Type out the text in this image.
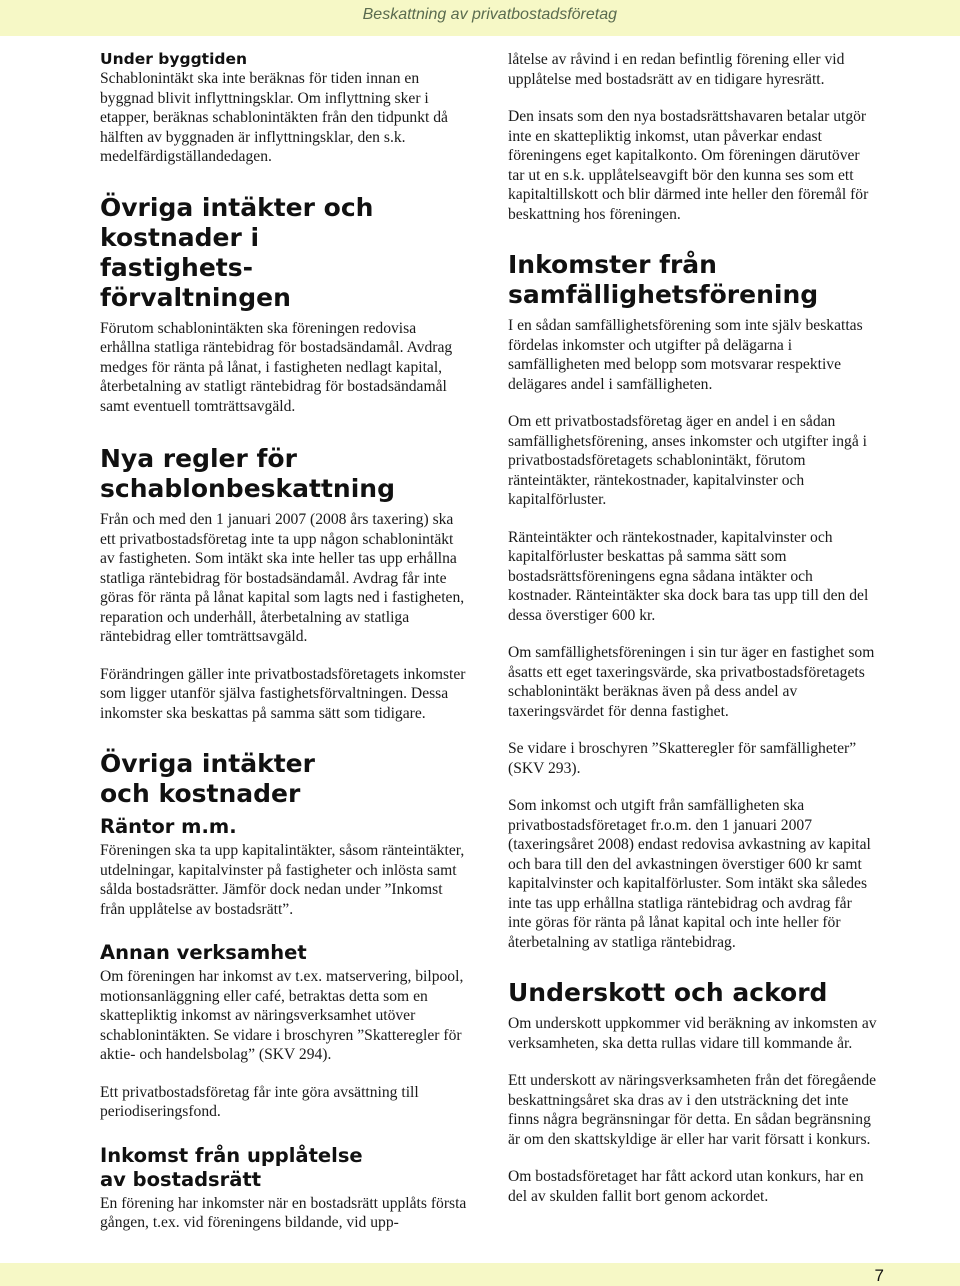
Beskattning av privatbostadsföretag
Under byggtiden

Schablonintäkt ska inte beräknas för tiden innan en byggnad blivit inflyttningsklar. Om inflyttning sker i etapper, beräknas schablonintäkten från den tidpunkt då hälften av byggnaden är inflyttningsklar, den s.k. medelfärdigställandedagen.

Övriga intäkter och kostnader i fastighets-förvaltningen

Förutom schablonintäkten ska föreningen redovisa erhållna statliga räntebidrag för bostadsändamål. Avdrag medges för ränta på lånat, i fastigheten nedlagt kapital, återbetalning av statligt räntebidrag för bostadsändamål samt eventuell tomträttsavgäld.

Nya regler för schablonbeskattning

Från och med den 1 januari 2007 (2008 års taxering) ska ett privatbostadsföretag inte ta upp någon schablonintäkt av fastigheten. Som intäkt ska inte heller tas upp erhållna statliga räntebidrag för bostadsändamål. Avdrag får inte göras för ränta på lånat kapital som lagts ned i fastigheten, reparation och underhåll, återbetalning av statliga räntebidrag eller tomträttsavgäld.

Förändringen gäller inte privatbostadsföretagets inkomster som ligger utanför själva fastighetsförvaltningen. Dessa inkomster ska beskattas på samma sätt som tidigare.

Övriga intäkter och kostnader
Räntor m.m.

Föreningen ska ta upp kapitalintäkter, såsom ränteintäkter, utdelningar, kapitalvinster på fastigheter och inlösta samt sålda bostadsrätter. Jämför dock nedan under ”Inkomst från upplåtelse av bostadsrätt”.

Annan verksamhet

Om föreningen har inkomst av t.ex. matservering, bilpool, motionsanläggning eller café, betraktas detta som en skattepliktig inkomst av näringsverksamhet utöver schablonintäkten. Se vidare i broschyren ”Skatteregler för aktie- och handelsbolag” (SKV 294).

Ett privatbostadsföretag får inte göra avsättning till periodiseringsfond.

Inkomst från upplåtelse av bostadsrätt

En förening har inkomster när en bostadsrätt upplåts första gången, t.ex. vid föreningens bildande, vid upp-

låtelse av råvind i en redan befintlig förening eller vid upplåtelse med bostadsrätt av en tidigare hyresrätt.

Den insats som den nya bostadsrättshavaren betalar utgör inte en skattepliktig inkomst, utan påverkar endast föreningens eget kapitalkonto. Om föreningen därutöver tar ut en s.k. upplåtelseavgift bör den kunna ses som ett kapitaltillskott och blir därmed inte heller den föremål för beskattning hos föreningen.

Inkomster från samfällighetsförening

I en sådan samfällighetsförening som inte själv beskattas fördelas inkomster och utgifter på delägarna i samfälligheten med belopp som motsvarar respektive delägares andel i samfälligheten.

Om ett privatbostadsföretag äger en andel i en sådan samfällighetsförening, anses inkomster och utgifter ingå i privatbostadsföretagets schablonintäkt, förutom ränteintäkter, räntekostnader, kapitalvinster och kapitalförluster.

Ränteintäkter och räntekostnader, kapitalvinster och kapitalförluster beskattas på samma sätt som bostadsrättsföreningens egna sådana intäkter och kostnader. Ränteintäkter ska dock bara tas upp till den del dessa överstiger 600 kr.

Om samfällighetsföreningen i sin tur äger en fastighet som åsatts ett eget taxeringsvärde, ska privatbostadsföretagets schablonintäkt beräknas även på dess andel av taxeringsvärdet för denna fastighet.

Se vidare i broschyren ”Skatteregler för samfälligheter” (SKV 293).

Som inkomst och utgift från samfälligheten ska privatbostadsföretaget fr.o.m. den 1 januari 2007 (taxeringsåret 2008) endast redovisa avkastning av kapital och bara till den del avkastningen överstiger 600 kr samt kapitalvinster och kapitalförluster. Som intäkt ska således inte tas upp erhållna statliga räntebidrag och avdrag får inte göras för ränta på lånat kapital och inte heller för återbetalning av statliga räntebidrag.

Underskott och ackord

Om underskott uppkommer vid beräkning av inkomsten av verksamheten, ska detta rullas vidare till kommande år.

Ett underskott av näringsverksamheten från det föregående beskattningsåret ska dras av i den utsträckning det inte finns några begränsningar för detta. En sådan begränsning är om den skattskyldige är eller har varit försatt i konkurs.

Om bostadsföretaget har fått ackord utan konkurs, har en del av skulden fallit bort genom ackordet.

7
